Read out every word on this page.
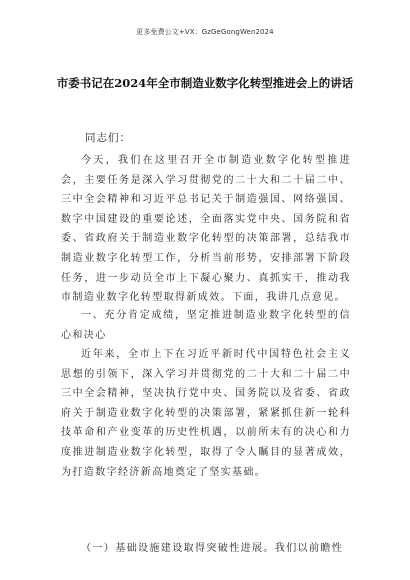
更多免费公文+VX：GzGeGongWen2024
市委书记在2024年全市制造业数字化转型推进会上的讲话
同志们：

今天，我们在这里召开全市制造业数字化转型推进会，主要任务是深入学习贯彻党的二十大和二十届二中、三中全会精神和习近平总书记关于制造强国、网络强国、数字中国建设的重要论述，全面落实党中央、国务院和省委、省政府关于制造业数字化转型的决策部署，总结我市制造业数字化转型工作，分析当前形势，安排部署下阶段任务，进一步动员全市上下凝心聚力、真抓实干，推动我市制造业数字化转型取得新成效。下面，我讲几点意见。

一、充分肯定成绩，坚定推进制造业数字化转型的信心和决心

近年来，全市上下在习近平新时代中国特色社会主义思想的引领下，深入学习并贯彻党的二十大和二十届二中三中全会精神，坚决执行党中央、国务院以及省委、省政府关于制造业数字化转型的决策部署，紧紧抓住新一轮科技革命和产业变革的历史性机遇，以前所未有的决心和力度推进制造业数字化转型，取得了令人瞩目的显著成效，为打造数字经济新高地奠定了坚实基础。

（一）基础设施建设取得突破性进展。我们以前瞻性
